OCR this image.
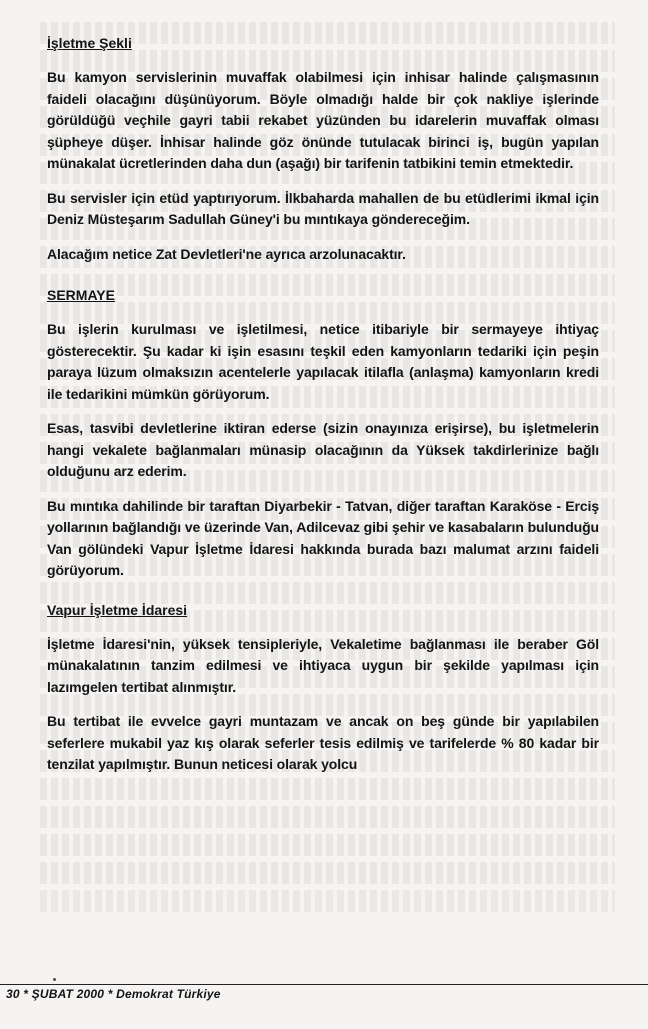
İşletme Şekli
Bu kamyon servislerinin muvaffak olabilmesi için inhisar halinde çalışmasının faideli olacağını düşünüyorum. Böyle olmadığı halde bir çok nakliye işlerinde görüldüğü veçhile gayri tabii rekabet yüzünden bu idarelerin muvaffak olması şüpheye düşer. İnhisar halinde göz önünde tutulacak birinci iş, bugün yapılan münakalat ücretlerinden daha dun (aşağı) bir tarifenin tatbikini temin etmektedir.
Bu servisler için etüd yaptırıyorum. İlkbaharda mahallen de bu etüdlerimi ikmal için Deniz Müsteşarım Sadullah Güney'i bu mıntıkaya göndereceğim.
Alacağım netice Zat Devletleri'ne ayrıca arzolunacaktır.
SERMAYE
Bu işlerin kurulması ve işletilmesi, netice itibariyle bir sermayeye ihtiyaç gösterecektir. Şu kadar ki işin esasını teşkil eden kamyonların tedariki için peşin paraya lüzum olmaksızın acentelerle yapılacak itilafla (anlaşma) kamyonların kredi ile tedarikini mümkün görüyorum.
Esas, tasvibi devletlerine iktiran ederse (sizin onayınıza erişirse), bu işletmelerin hangi vekalete bağlanmaları münasip olacağının da Yüksek takdirlerinize bağlı olduğunu arz ederim.
Bu mıntıka dahilinde bir taraftan Diyarbekir - Tatvan, diğer taraftan Karaköse - Erciş yollarının bağlandığı ve üzerinde Van, Adilcevaz gibi şehir ve kasabaların bulunduğu Van gölündeki Vapur İşletme İdaresi hakkında burada bazı malumat arzını faideli görüyorum.
Vapur İşletme İdaresi
İşletme İdaresi'nin, yüksek tensipleriyle, Vekaletime bağlanması ile beraber Göl münakalatının tanzim edilmesi ve ihtiyaca uygun bir şekilde yapılması için lazımgelen tertibat alınmıştır.
Bu tertibat ile evvelce gayri muntazam ve ancak on beş günde bir yapılabilen seferlere mukabil yaz kış olarak seferler tesis edilmiş ve tarifelerde % 80 kadar bir tenzilat yapılmıştır. Bunun neticesi olarak yolcu
30 * ŞUBAT 2000 * Demokrat Türkiye
